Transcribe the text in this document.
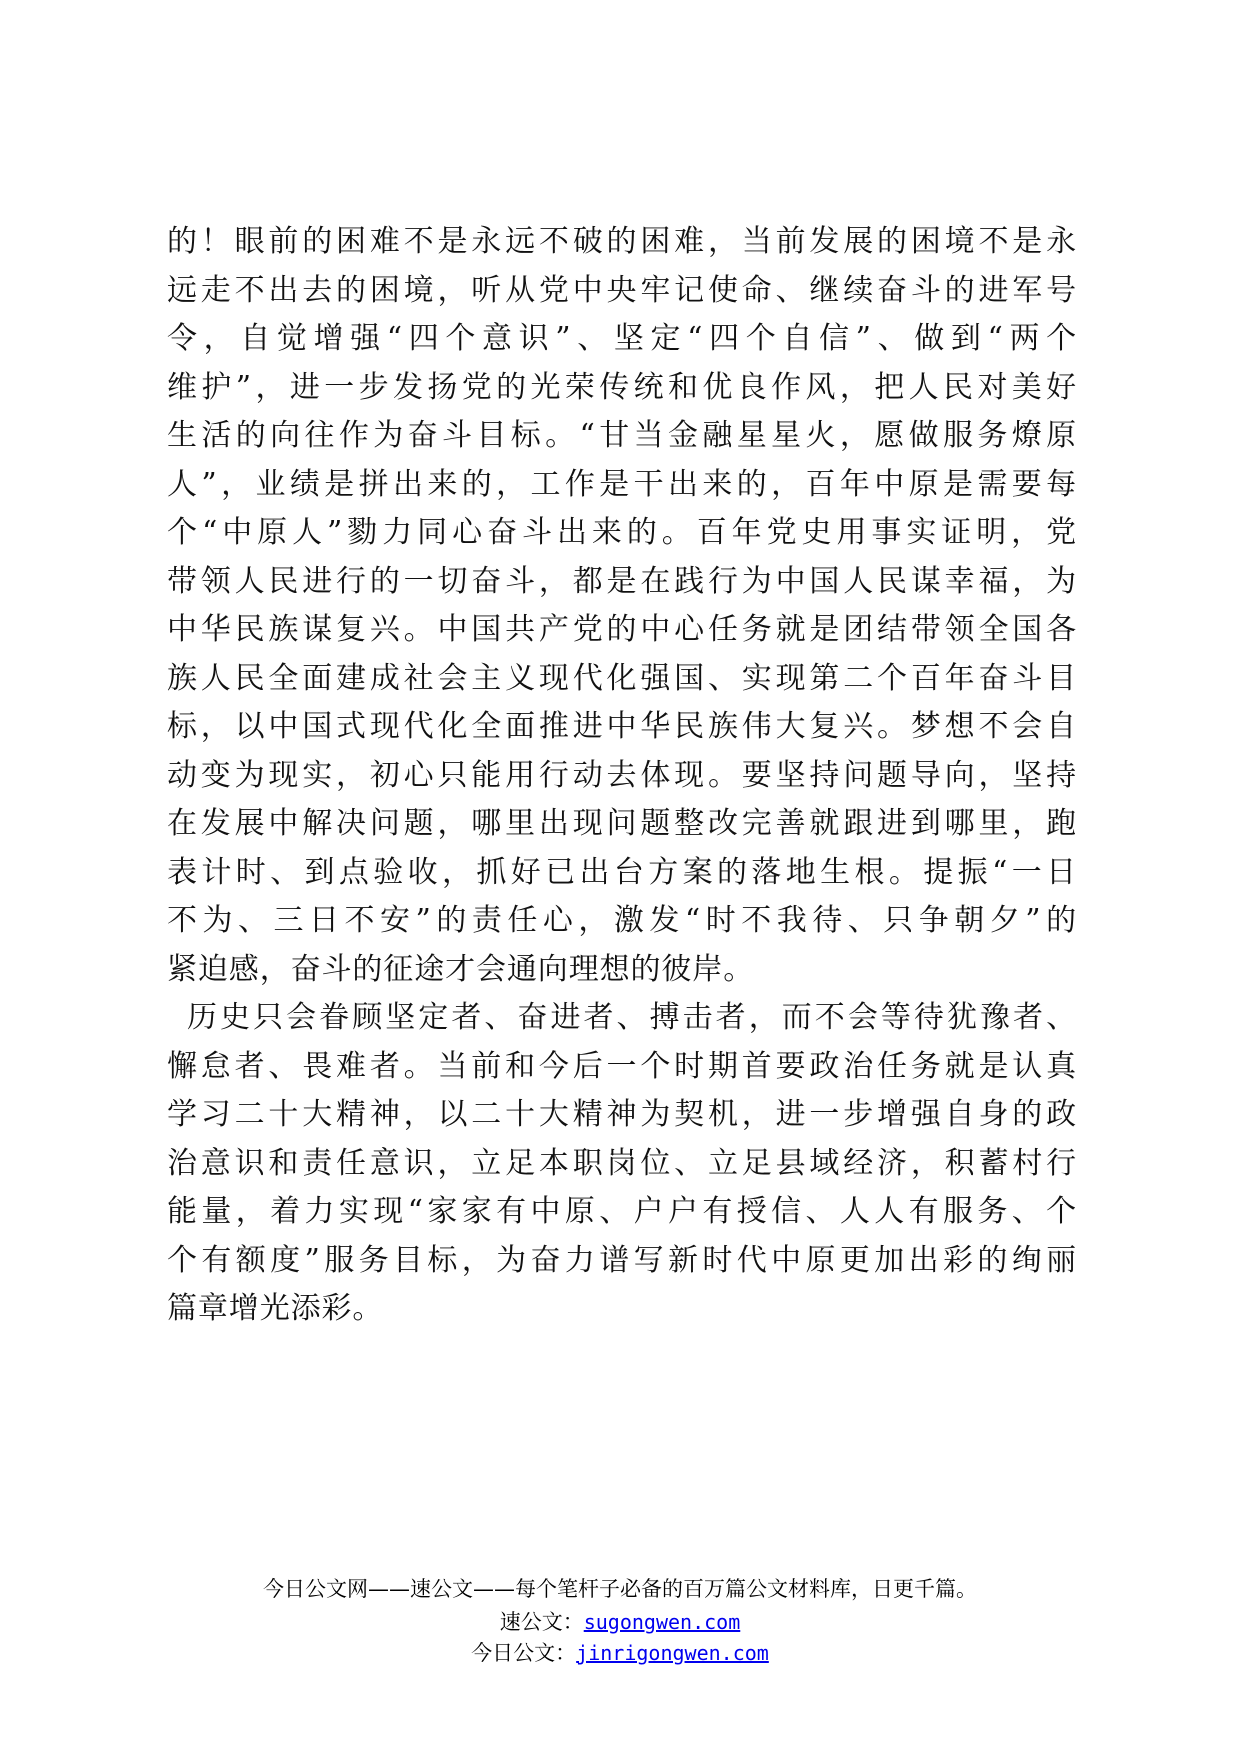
的！眼前的困难不是永远不破的困难，当前发展的困境不是永
远走不出去的困境，听从党中央牢记使命、继续奋斗的进军号
令，自觉增强“四个意识”、坚定“四个自信”、做到“两个
维护”，进一步发扬党的光荣传统和优良作风，把人民对美好
生活的向往作为奋斗目标。“甘当金融星星火，愿做服务燎原
人”，业绩是拼出来的，工作是干出来的，百年中原是需要每
个“中原人”勠力同心奋斗出来的。百年党史用事实证明，党
带领人民进行的一切奋斗，都是在践行为中国人民谋幸福，为
中华民族谋复兴。中国共产党的中心任务就是团结带领全国各
族人民全面建成社会主义现代化强国、实现第二个百年奋斗目
标，以中国式现代化全面推进中华民族伟大复兴。梦想不会自
动变为现实，初心只能用行动去体现。要坚持问题导向，坚持
在发展中解决问题，哪里出现问题整改完善就跟进到哪里，跑
表计时、到点验收，抓好已出台方案的落地生根。提振“一日
不为、三日不安”的责任心，激发“时不我待、只争朝夕”的
紧迫感，奋斗的征途才会通向理想的彼岸。
历史只会眷顾坚定者、奋进者、搏击者，而不会等待犹豫者、
懈怠者、畏难者。当前和今后一个时期首要政治任务就是认真
学习二十大精神，以二十大精神为契机，进一步增强自身的政
治意识和责任意识，立足本职岗位、立足县域经济，积蓄村行
能量，着力实现“家家有中原、户户有授信、人人有服务、个
个有额度”服务目标，为奋力谱写新时代中原更加出彩的绚丽
篇章增光添彩。
今日公文网——速公文——每个笔杆子必备的百万篇公文材料库，日更千篇。
速公文：sugongwen.com
今日公文：jinrigongwen.com
